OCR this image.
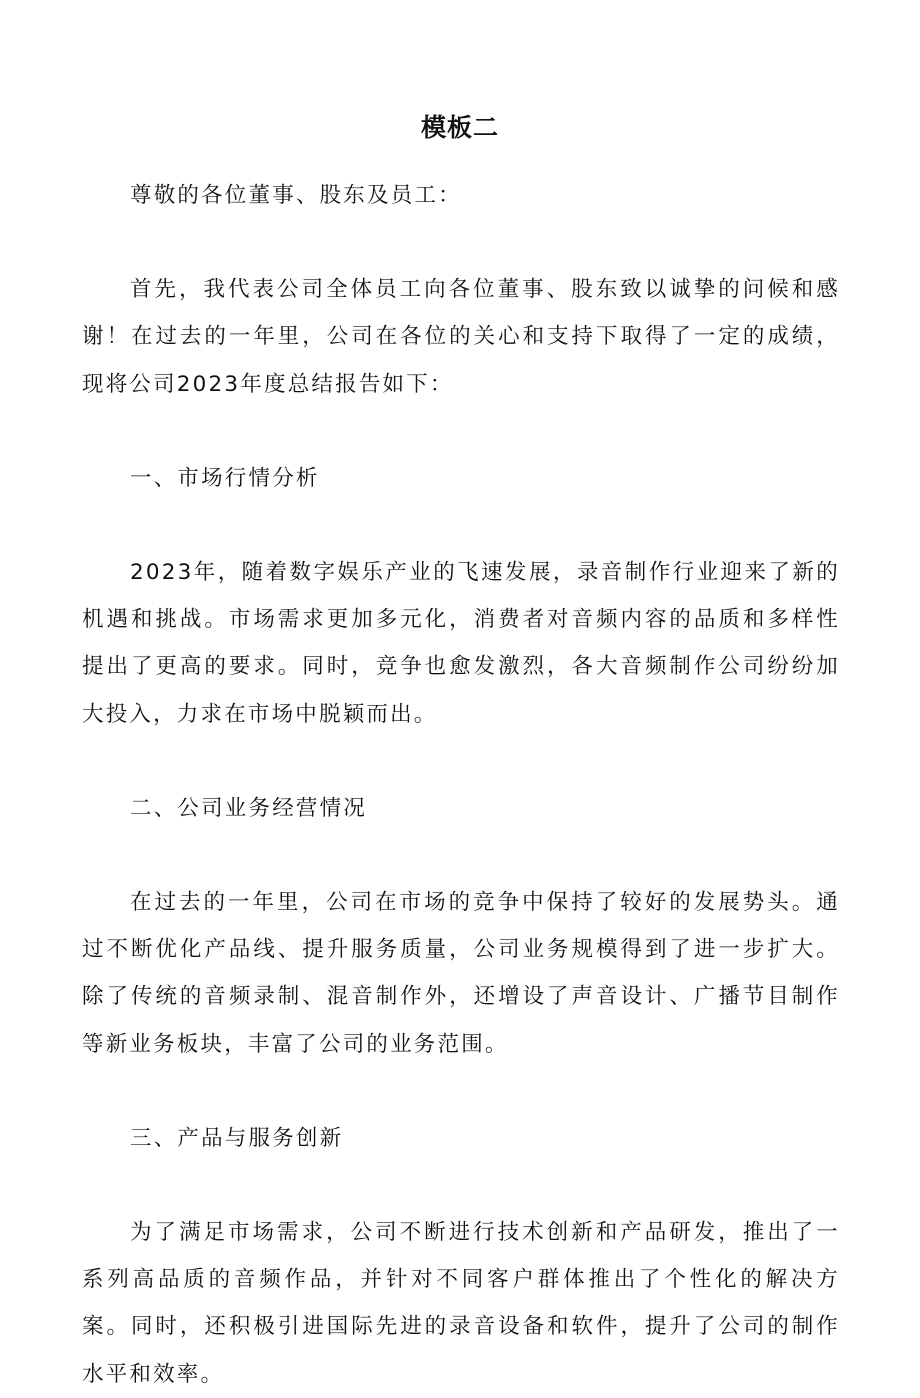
模板二

尊敬的各位董事、股东及员工：

首先，我代表公司全体员工向各位董事、股东致以诚挚的问候和感谢！在过去的一年里，公司在各位的关心和支持下取得了一定的成绩，现将公司2023年度总结报告如下：

一、市场行情分析

2023年，随着数字娱乐产业的飞速发展，录音制作行业迎来了新的机遇和挑战。市场需求更加多元化，消费者对音频内容的品质和多样性提出了更高的要求。同时，竞争也愈发激烈，各大音频制作公司纷纷加大投入，力求在市场中脱颖而出。

二、公司业务经营情况

在过去的一年里，公司在市场的竞争中保持了较好的发展势头。通过不断优化产品线、提升服务质量，公司业务规模得到了进一步扩大。除了传统的音频录制、混音制作外，还增设了声音设计、广播节目制作等新业务板块，丰富了公司的业务范围。

三、产品与服务创新

为了满足市场需求，公司不断进行技术创新和产品研发，推出了一系列高品质的音频作品，并针对不同客户群体推出了个性化的解决方案。同时，还积极引进国际先进的录音设备和软件，提升了公司的制作水平和效率。
